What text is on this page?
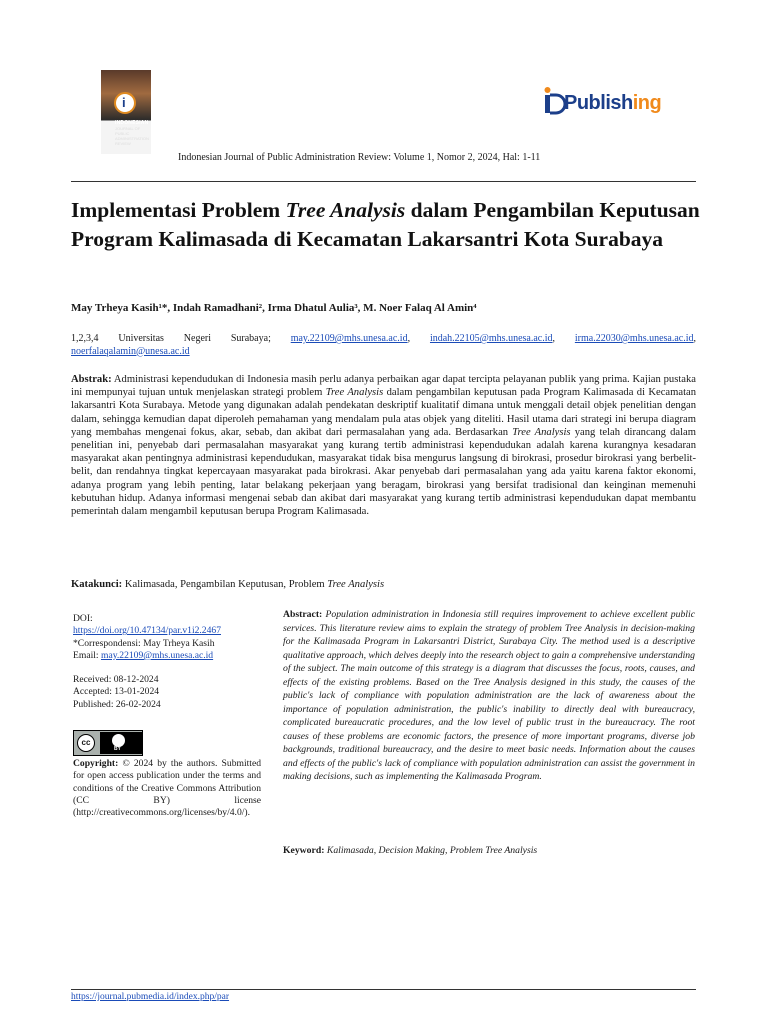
i
INDONESIAN
JOURNAL OF PUBLIC ADMINISTRATION REVIEW
Publishing
Indonesian Journal of Public Administration Review: Volume 1, Nomor 2, 2024, Hal: 1-11
Implementasi Problem Tree Analysis dalam Pengambilan Keputusan Program Kalimasada di Kecamatan Lakarsantri Kota Surabaya
May Trheya Kasih¹*, Indah Ramadhani², Irma Dhatul Aulia³, M. Noer Falaq Al Amin⁴
1,2,3,4 Universitas Negeri Surabaya; may.22109@mhs.unesa.ac.id, indah.22105@mhs.unesa.ac.id, irma.22030@mhs.unesa.ac.id, noerfalaqalamin@unesa.ac.id
Abstrak: Administrasi kependudukan di Indonesia masih perlu adanya perbaikan agar dapat tercipta pelayanan publik yang prima. Kajian pustaka ini mempunyai tujuan untuk menjelaskan strategi problem Tree Analysis dalam pengambilan keputusan pada Program Kalimasada di Kecamatan lakarsantri Kota Surabaya. Metode yang digunakan adalah pendekatan deskriptif kualitatif dimana untuk menggali detail objek penelitian dengan dalam, sehingga kemudian dapat diperoleh pemahaman yang mendalam pula atas objek yang diteliti. Hasil utama dari strategi ini berupa diagram yang membahas mengenai fokus, akar, sebab, dan akibat dari permasalahan yang ada. Berdasarkan Tree Analysis yang telah dirancang dalam penelitian ini, penyebab dari permasalahan masyarakat yang kurang tertib administrasi kependudukan adalah karena kurangnya kesadaran masyarakat akan pentingnya administrasi kependudukan, masyarakat tidak bisa mengurus langsung di birokrasi, prosedur birokrasi yang berbelit-belit, dan rendahnya tingkat kepercayaan masyarakat pada birokrasi. Akar penyebab dari permasalahan yang ada yaitu karena faktor ekonomi, adanya program yang lebih penting, latar belakang pekerjaan yang beragam, birokrasi yang bersifat tradisional dan keinginan memenuhi kebutuhan hidup. Adanya informasi mengenai sebab dan akibat dari masyarakat yang kurang tertib administrasi kependudukan dapat membantu pemerintah dalam mengambil keputusan berupa Program Kalimasada.
Katakunci: Kalimasada, Pengambilan Keputusan, Problem Tree Analysis
DOI:
https://doi.org/10.47134/par.v1i2.2467
*Correspondensi: May Trheya Kasih
Email: may.22109@mhs.unesa.ac.id
Received: 08-12-2024
Accepted: 13-01-2024
Published: 26-02-2024
cc
BY
Copyright: © 2024 by the authors. Submitted for open access publication under the terms and conditions of the Creative Commons Attribution (CC BY) license (http://creativecommons.org/licenses/by/4.0/).
Abstract: Population administration in Indonesia still requires improvement to achieve excellent public services. This literature review aims to explain the strategy of problem Tree Analysis in decision-making for the Kalimasada Program in Lakarsantri District, Surabaya City. The method used is a descriptive qualitative approach, which delves deeply into the research object to gain a comprehensive understanding of the subject. The main outcome of this strategy is a diagram that discusses the focus, roots, causes, and effects of the existing problems. Based on the Tree Analysis designed in this study, the causes of the public's lack of compliance with population administration are the lack of awareness about the importance of population administration, the public's inability to directly deal with bureaucracy, complicated bureaucratic procedures, and the low level of public trust in the bureaucracy. The root causes of these problems are economic factors, the presence of more important programs, diverse job backgrounds, traditional bureaucracy, and the desire to meet basic needs. Information about the causes and effects of the public's lack of compliance with population administration can assist the government in making decisions, such as implementing the Kalimasada Program.
Keyword: Kalimasada, Decision Making, Problem Tree Analysis
https://journal.pubmedia.id/index.php/par
